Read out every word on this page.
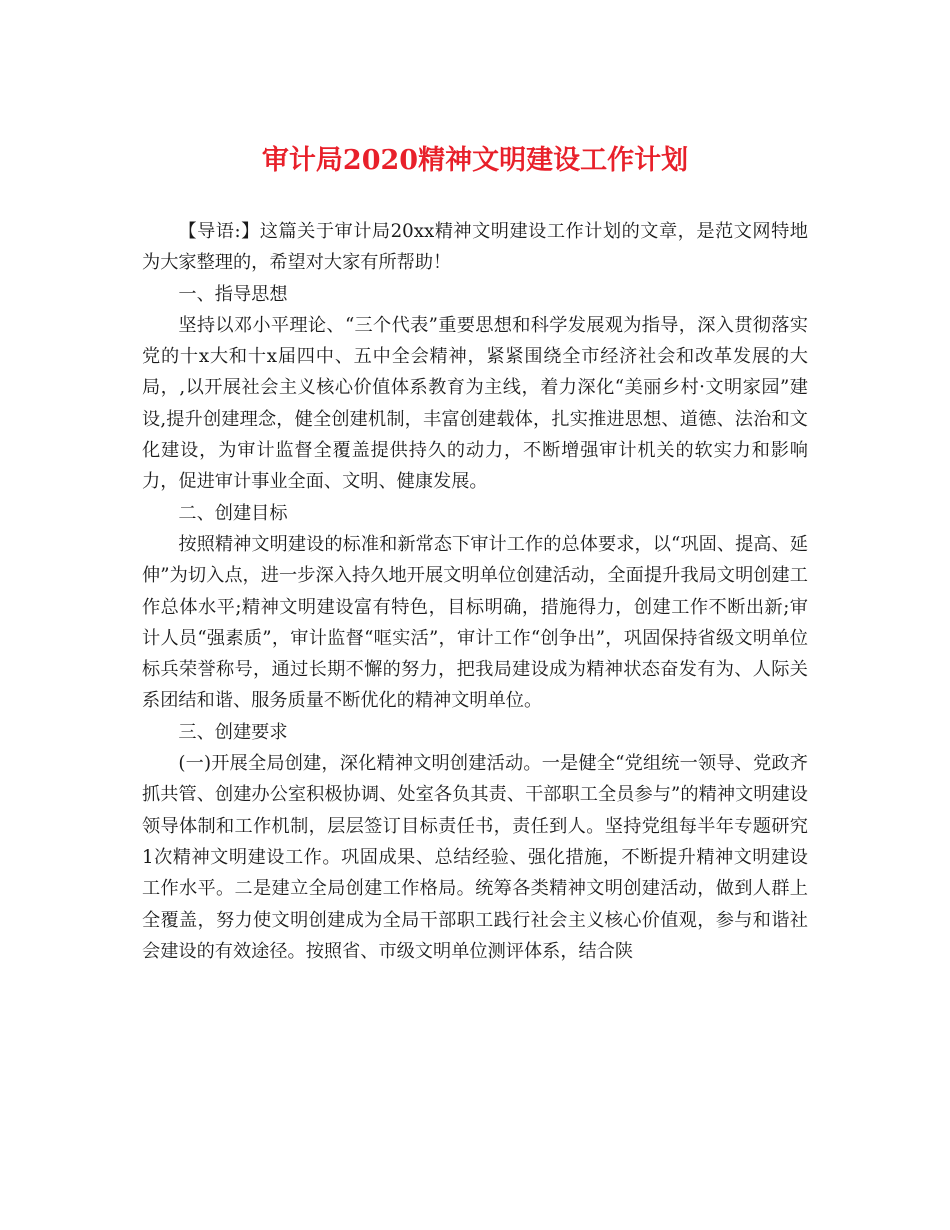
审计局2020精神文明建设工作计划

【导语:】这篇关于审计局20xx精神文明建设工作计划的文章，是范文网特地为大家整理的，希望对大家有所帮助！

一、指导思想

坚持以邓小平理论、“三个代表”重要思想和科学发展观为指导，深入贯彻落实党的十x大和十x届四中、五中全会精神，紧紧围绕全市经济社会和改革发展的大局，,以开展社会主义核心价值体系教育为主线，着力深化“美丽乡村·文明家园”建设,提升创建理念，健全创建机制，丰富创建载体，扎实推进思想、道德、法治和文化建设，为审计监督全覆盖提供持久的动力，不断增强审计机关的软实力和影响力，促进审计事业全面、文明、健康发展。

二、创建目标

按照精神文明建设的标准和新常态下审计工作的总体要求，以“巩固、提高、延伸”为切入点，进一步深入持久地开展文明单位创建活动，全面提升我局文明创建工作总体水平;精神文明建设富有特色，目标明确，措施得力，创建工作不断出新;审计人员“强素质”，审计监督“哐实活”，审计工作“创争出”，巩固保持省级文明单位标兵荣誉称号，通过长期不懈的努力，把我局建设成为精神状态奋发有为、人际关系团结和谐、服务质量不断优化的精神文明单位。

三、创建要求

(一)开展全局创建，深化精神文明创建活动。一是健全“党组统一领导、党政齐抓共管、创建办公室积极协调、处室各负其责、干部职工全员参与”的精神文明建设领导体制和工作机制，层层签订目标责任书，责任到人。坚持党组每半年专题研究1次精神文明建设工作。巩固成果、总结经验、强化措施，不断提升精神文明建设工作水平。二是建立全局创建工作格局。统筹各类精神文明创建活动，做到人群上全覆盖，努力使文明创建成为全局干部职工践行社会主义核心价值观，参与和谐社会建设的有效途径。按照省、市级文明单位测评体系，结合陕
